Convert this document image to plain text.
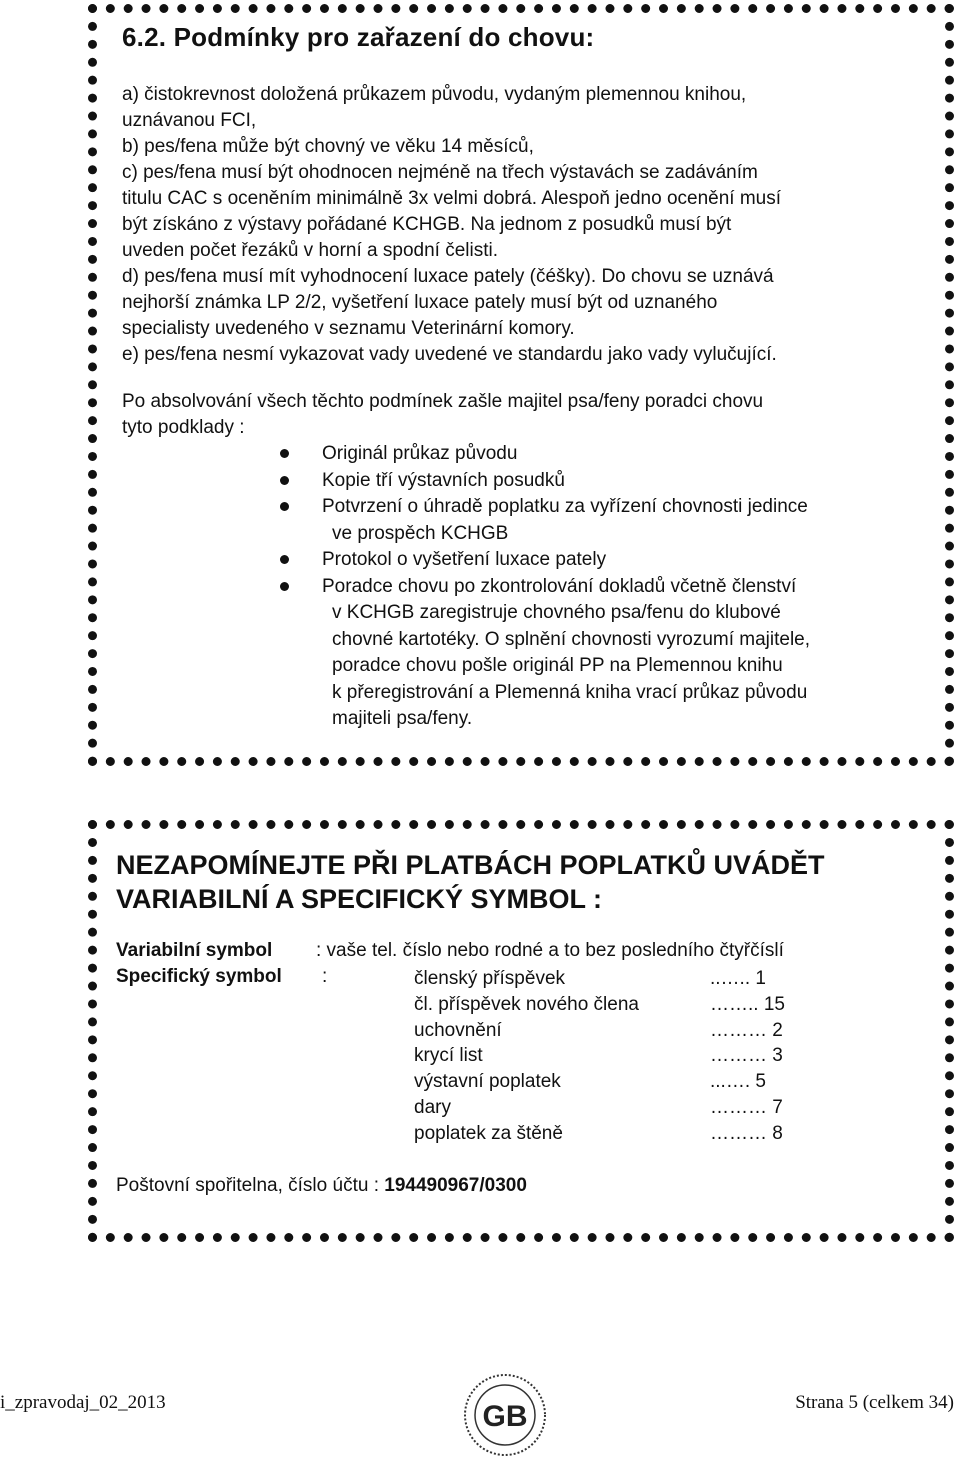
6.2. Podmínky pro zařazení do chovu:
a) čistokrevnost doložená průkazem původu, vydaným plemennou knihou,
uznávanou FCI,
b) pes/fena může být chovný ve věku 14 měsíců,
c) pes/fena musí být ohodnocen nejméně na třech výstavách se zadáváním
titulu CAC s oceněním minimálně 3x velmi dobrá. Alespoň jedno ocenění musí
být získáno z výstavy pořádané KCHGB. Na jednom z posudků musí být
uveden počet řezáků v horní a spodní čelisti.
d) pes/fena musí mít vyhodnocení luxace pately (čéšky). Do chovu se uznává
nejhorší známka LP 2/2, vyšetření luxace pately musí být od uznaného
specialisty uvedeného v seznamu Veterinární komory.
e) pes/fena nesmí vykazovat vady uvedené ve standardu jako vady vylučující.
Po absolvování všech těchto podmínek zašle majitel psa/feny poradci chovu
tyto podklady :
Originál průkaz původu
Kopie tří výstavních posudků
Potvrzení o úhradě poplatku za vyřízení chovnosti jedince
ve prospěch KCHGB
Protokol o vyšetření luxace pately
Poradce chovu po zkontrolování dokladů včetně členství
v KCHGB zaregistruje chovného psa/fenu do klubové
chovné kartotéky. O splnění chovnosti vyrozumí majitele,
poradce chovu pošle originál PP na Plemennou knihu
k přeregistrování a Plemenná kniha vrací průkaz původu
majiteli psa/feny.
NEZAPOMÍNEJTE PŘI PLATBÁCH POPLATKŮ UVÁDĚT
VARIABILNÍ A SPECIFICKÝ SYMBOL :
Variabilní symbol : vaše tel. číslo nebo rodné a to bez posledního čtyřčíslí
Specifický symbol :	členský příspěvek	..….. 1
čl. příspěvek nového člena	…….. 15
uchovnění	……… 2
krycí list	……… 3
výstavní poplatek	...…. 5
dary	……… 7
poplatek za štěně	……… 8
Poštovní spořitelna, číslo účtu : 194490967/0300
i_zpravodaj_02_2013	Strana 5 (celkem 34)
GB
